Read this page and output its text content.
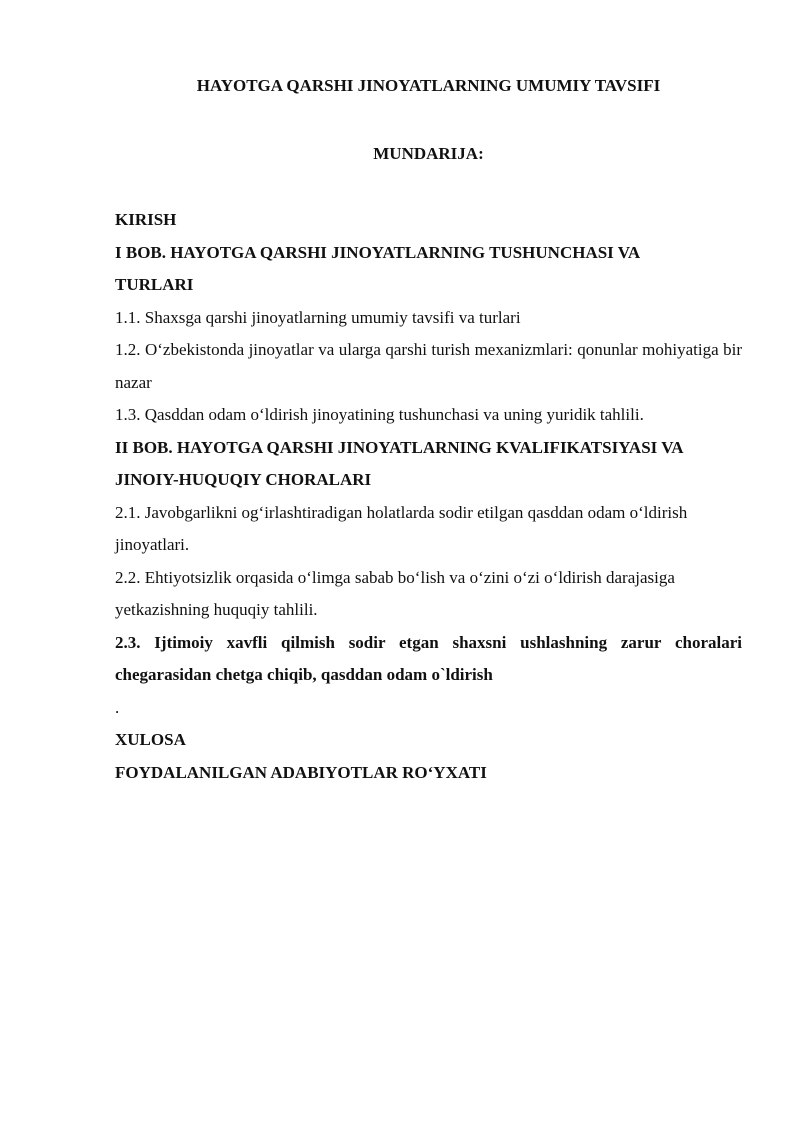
HAYOTGA QARSHI JINOYATLARNING UMUMIY TAVSIFI
MUNDARIJA:

KIRISH

I BOB. HAYOTGA QARSHI JINOYATLARNING TUSHUNCHASI VA TURLARI

1.1. Shaxsga qarshi jinoyatlarning umumiy tavsifi va turlari

1.2. O‘zbekistonda jinoyatlar va ularga qarshi turish mexanizmlari: qonunlar mohiyatiga bir nazar

1.3. Qasddan odam o‘ldirish jinoyatining tushunchasi va uning yuridik tahlili.

II BOB. HAYOTGA QARSHI JINOYATLARNING KVALIFIKATSIYASI VA JINOIY-HUQUQIY CHORALARI

2.1. Javobgarlikni og‘irlashtiradigan holatlarda sodir etilgan qasddan odam o‘ldirish jinoyatlari.

2.2. Ehtiyotsizlik orqasida o‘limga sabab bo‘lish va o‘zini o‘zi o‘ldirish darajasiga yetkazishning huquqiy tahlili.

2.3. Ijtimoiy xavfli qilmish sodir etgan shaxsni ushlashning zarur choralari chegarasidan chetga chiqib, qasddan odam o`ldirish

.

XULOSA

FOYDALANILGAN ADABIYOTLAR RO‘YXATI
